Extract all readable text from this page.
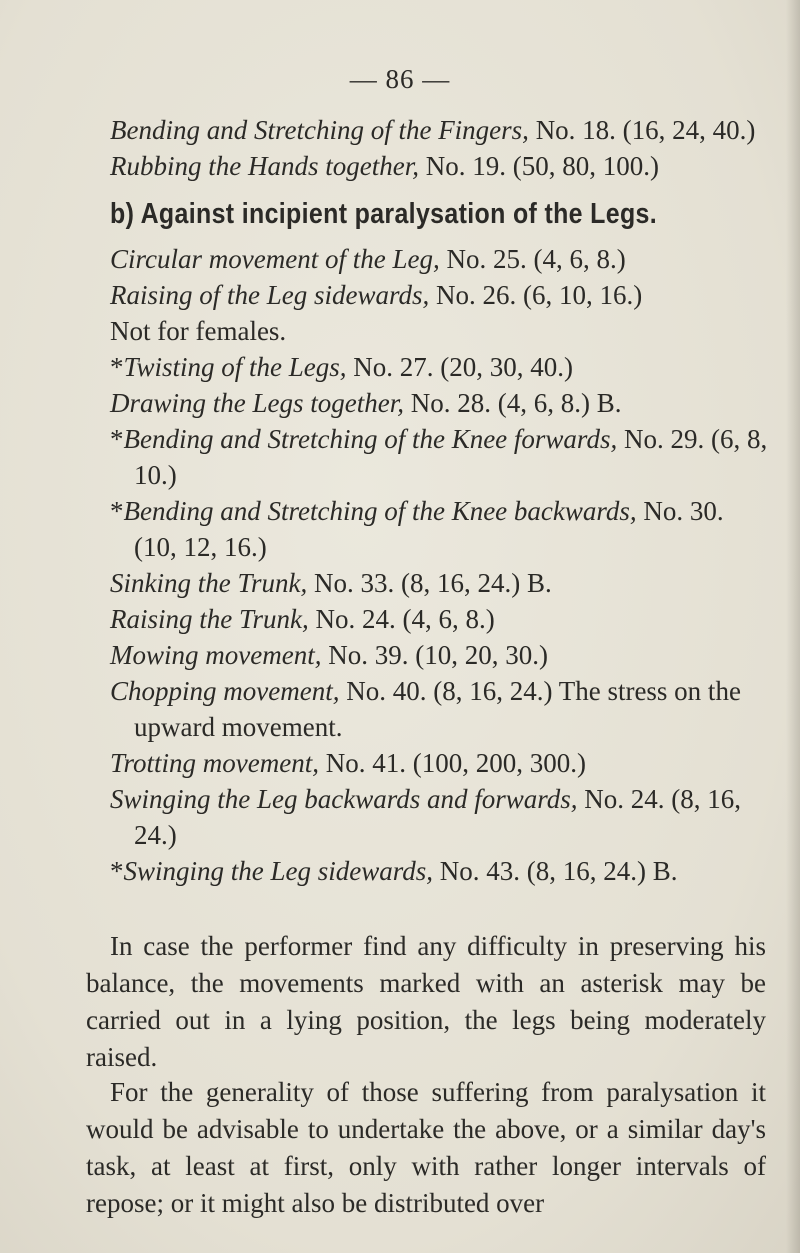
— 86 —

Bending and Stretching of the Fingers, No. 18. (16, 24, 40.)

Rubbing the Hands together, No. 19. (50, 80, 100.)

b) Against incipient paralysation of the Legs.

Circular movement of the Leg, No. 25. (4, 6, 8.)

Raising of the Leg sidewards, No. 26. (6, 10, 16.)

Not for females.

*Twisting of the Legs, No. 27. (20, 30, 40.)

Drawing the Legs together, No. 28. (4, 6, 8.) B.

*Bending and Stretching of the Knee forwards, No. 29. (6, 8, 10.)

*Bending and Stretching of the Knee backwards, No. 30. (10, 12, 16.)

Sinking the Trunk, No. 33. (8, 16, 24.) B.

Raising the Trunk, No. 24. (4, 6, 8.)

Mowing movement, No. 39. (10, 20, 30.)

Chopping movement, No. 40. (8, 16, 24.) The stress on the upward movement.

Trotting movement, No. 41. (100, 200, 300.)

Swinging the Leg backwards and forwards, No. 24. (8, 16, 24.)

*Swinging the Leg sidewards, No. 43. (8, 16, 24.) B.

In case the performer find any difficulty in preserving his balance, the movements marked with an asterisk may be carried out in a lying position, the legs being moderately raised.

For the generality of those suffering from paralysation it would be advisable to undertake the above, or a similar day's task, at least at first, only with rather longer intervals of repose; or it might also be distributed over
